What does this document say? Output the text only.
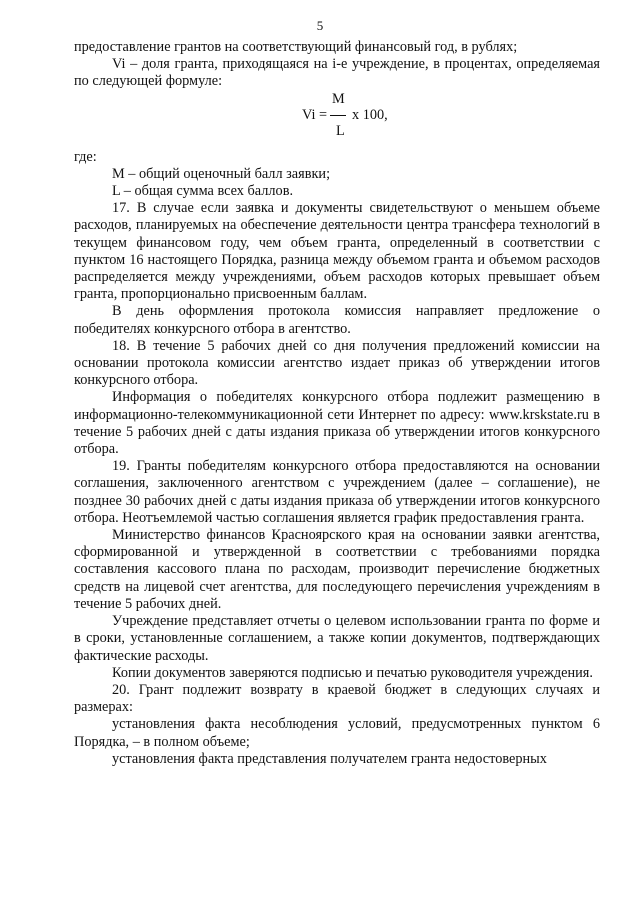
5

предоставление грантов на соответствующий финансовый год, в рублях;

Vi – доля гранта, приходящаяся на i-е учреждение, в процентах, определяемая по следующей формуле:

M
Vi = x 100,
L

где:

M – общий оценочный балл заявки;

L – общая сумма всех баллов.

17. В случае если заявка и документы свидетельствуют о меньшем объеме расходов, планируемых на обеспечение деятельности центра трансфера технологий в текущем финансовом году, чем объем гранта, определенный в соответствии с пунктом 16 настоящего Порядка, разница между объемом гранта и объемом расходов распределяется между учреждениями, объем расходов которых превышает объем гранта, пропорционально присвоенным баллам.

В день оформления протокола комиссия направляет предложение о победителях конкурсного отбора в агентство.

18. В течение 5 рабочих дней со дня получения предложений комиссии на основании протокола комиссии агентство издает приказ об утверждении итогов конкурсного отбора.

Информация о победителях конкурсного отбора подлежит размещению в информационно-телекоммуникационной сети Интернет по адресу: www.krskstate.ru в течение 5 рабочих дней с даты издания приказа об утверждении итогов конкурсного отбора.

19. Гранты победителям конкурсного отбора предоставляются на основании соглашения, заключенного агентством с учреждением (далее – соглашение), не позднее 30 рабочих дней с даты издания приказа об утверждении итогов конкурсного отбора. Неотъемлемой частью соглашения является график предоставления гранта.

Министерство финансов Красноярского края на основании заявки агентства, сформированной и утвержденной в соответствии с требованиями порядка составления кассового плана по расходам, производит перечисление бюджетных средств на лицевой счет агентства, для последующего перечисления учреждениям в течение 5 рабочих дней.

Учреждение представляет отчеты о целевом использовании гранта по форме и в сроки, установленные соглашением, а также копии документов, подтверждающих фактические расходы.

Копии документов заверяются подписью и печатью руководителя учреждения.

20. Грант подлежит возврату в краевой бюджет в следующих случаях и размерах:

установления факта несоблюдения условий, предусмотренных пунктом 6 Порядка, – в полном объеме;

установления факта представления получателем гранта недостоверных
